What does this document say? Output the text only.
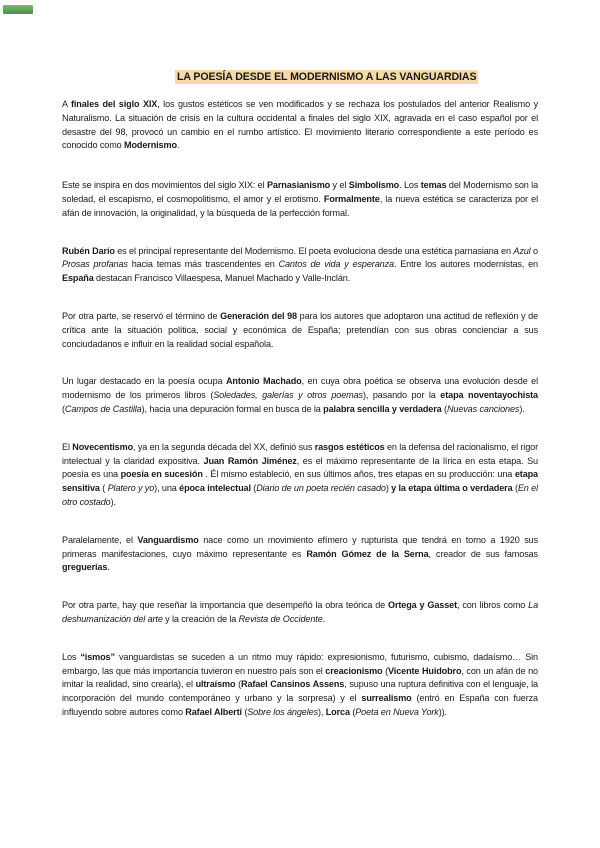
LA POESÍA DESDE EL MODERNISMO A LAS VANGUARDIAS

A finales del siglo XIX, los gustos estéticos se ven modificados y se rechaza los postulados del anterior Realismo y Naturalismo. La situación de crisis en la cultura occidental a finales del siglo XIX, agravada en el caso español por el desastre del 98, provocó un cambio en el rumbo artístico. El movimiento literario correspondiente a este período es conocido como Modernismo.

Este se inspira en dos movimientos del siglo XIX: el Parnasianismo y el Simbolismo. Los temas del Modernismo son la soledad, el escapismo, el cosmopolitismo, el amor y el erotismo. Formalmente, la nueva estética se caracteriza por el afán de innovación, la originalidad, y la búsqueda de la perfección formal.

Rubén Darío es el principal representante del Modernismo. El poeta evoluciona desde una estética parnasiana en Azul o Prosas profanas hacia temas más trascendentes en Cantos de vida y esperanza. Entre los autores modernistas, en España destacan Francisco Villaespesa, Manuel Machado y Valle-Inclán.

Por otra parte, se reservó el término de Generación del 98 para los autores que adoptaron una actitud de reflexión y de crítica ante la situación política, social y económica de España; pretendían con sus obras concienciar a sus conciudadanos e influir en la realidad social española.

Un lugar destacado en la poesía ocupa Antonio Machado, en cuya obra poética se observa una evolución desde el modernismo de los primeros libros (Soledades, galerías y otros poemas), pasando por la etapa noventayochista (Campos de Castilla), hacia una depuración formal en busca de la palabra sencilla y verdadera (Nuevas canciones).

El Novecentismo, ya en la segunda década del XX, definió sus rasgos estéticos en la defensa del racionalismo, el rigor intelectual y la claridad expositiva. Juan Ramón Jiménez, es el máximo representante de la lírica en esta etapa. Su poesía es una poesía en sucesión . Él mismo estableció, en sus últimos años, tres etapas en su producción: una etapa sensitiva ( Platero y yo), una época intelectual (Diario de un poeta recién casado) y la etapa última o verdadera (En el otro costado).

Paralelamente, el Vanguardismo nace como un movimiento efímero y rupturista que tendrá en torno a 1920 sus primeras manifestaciones, cuyo máximo representante es Ramón Gómez de la Serna, creador de sus famosas greguerías.

Por otra parte, hay que reseñar la importancia que desempeñó la obra teórica de Ortega y Gasset, con libros como La deshumanización del arte y la creación de la Revista de Occidente.

Los “ismos” vanguardistas se suceden a un ritmo muy rápido: expresionismo, futurismo, cubismo, dadaísmo… Sin embargo, las que más importancia tuvieron en nuestro país son el creacionismo (Vicente Huidobro, con un afán de no imitar la realidad, sino crearla), el ultraísmo (Rafael Cansinos Assens, supuso una ruptura definitiva con el lenguaje, la incorporación del mundo contemporáneo y urbano y la sorpresa) y el surrealismo (entró en España con fuerza influyendo sobre autores como Rafael Alberti (Sobre los ángeles), Lorca (Poeta en Nueva York)).
